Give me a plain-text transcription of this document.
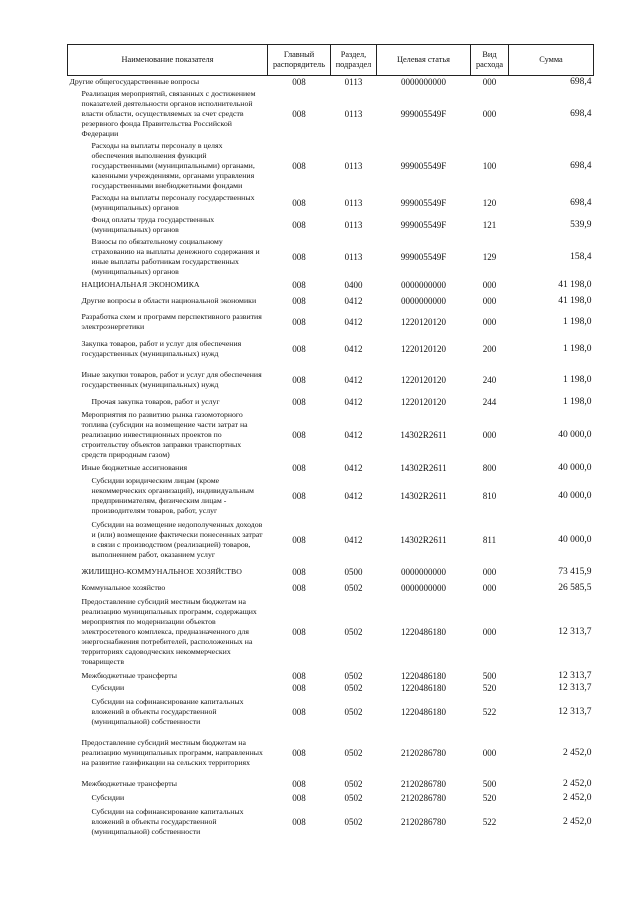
Наименование показателя	Главный распорядитель	Раздел, подраздел	Целевая статья	Вид расхода	Сумма
Другие общегосударственные вопросы	008	0113	0000000000	000	698,4
Реализация мероприятий, связанных с достижением показателей деятельности органов исполнительной власти области, осуществляемых за счет средств резервного фонда Правительства Российской Федерации	008	0113	999005549F	000	698,4
Расходы на выплаты персоналу в целях обеспечения выполнения функций государственными (муниципальными) органами, казенными учреждениями, органами управления государственными внебюджетными фондами	008	0113	999005549F	100	698,4
Расходы на выплаты персоналу государственных (муниципальных) органов	008	0113	999005549F	120	698,4
Фонд оплаты труда государственных (муниципальных) органов	008	0113	999005549F	121	539,9
Взносы по обязательному социальному страхованию на выплаты денежного содержания и иные выплаты работникам государственных (муниципальных) органов	008	0113	999005549F	129	158,4
НАЦИОНАЛЬНАЯ ЭКОНОМИКА	008	0400	0000000000	000	41 198,0
Другие вопросы в области национальной экономики	008	0412	0000000000	000	41 198,0
Разработка схем и программ перспективного развития электроэнергетики	008	0412	1220120120	000	1 198,0
Закупка товаров, работ и услуг для обеспечения государственных (муниципальных) нужд	008	0412	1220120120	200	1 198,0
Иные закупки товаров, работ и услуг для обеспечения государственных (муниципальных) нужд	008	0412	1220120120	240	1 198,0
Прочая закупка товаров, работ и услуг	008	0412	1220120120	244	1 198,0
Мероприятия по развитию рынка газомоторного топлива (субсидии на возмещение части затрат на реализацию инвестиционных проектов по строительству объектов заправки транспортных средств природным газом)	008	0412	14302R2611	000	40 000,0
Иные бюджетные ассигнования	008	0412	14302R2611	800	40 000,0
Субсидии юридическим лицам (кроме некоммерческих организаций), индивидуальным предпринимателям, физическим лицам - производителям товаров, работ, услуг	008	0412	14302R2611	810	40 000,0
Субсидии на возмещение недополученных доходов и (или) возмещение фактически понесенных затрат в связи с производством (реализацией) товаров, выполнением работ, оказанием услуг	008	0412	14302R2611	811	40 000,0
ЖИЛИЩНО-КОММУНАЛЬНОЕ ХОЗЯЙСТВО	008	0500	0000000000	000	73 415,9
Коммунальное хозяйство	008	0502	0000000000	000	26 585,5
Предоставление субсидий местным бюджетам на реализацию муниципальных программ, содержащих мероприятия по модернизации объектов электросетевого комплекса, предназначенного для энергоснабжения потребителей, расположенных на территориях садоводческих некоммерческих товариществ	008	0502	1220486180	000	12 313,7
Межбюджетные трансферты	008	0502	1220486180	500	12 313,7
Субсидии	008	0502	1220486180	520	12 313,7
Субсидии на софинансирование капитальных вложений в объекты государственной (муниципальной) собственности	008	0502	1220486180	522	12 313,7
Предоставление субсидий местным бюджетам на реализацию муниципальных программ, направленных на развитие газификации на сельских территориях	008	0502	2120286780	000	2 452,0
Межбюджетные трансферты	008	0502	2120286780	500	2 452,0
Субсидии	008	0502	2120286780	520	2 452,0
Субсидии на софинансирование капитальных вложений в объекты государственной (муниципальной) собственности	008	0502	2120286780	522	2 452,0
